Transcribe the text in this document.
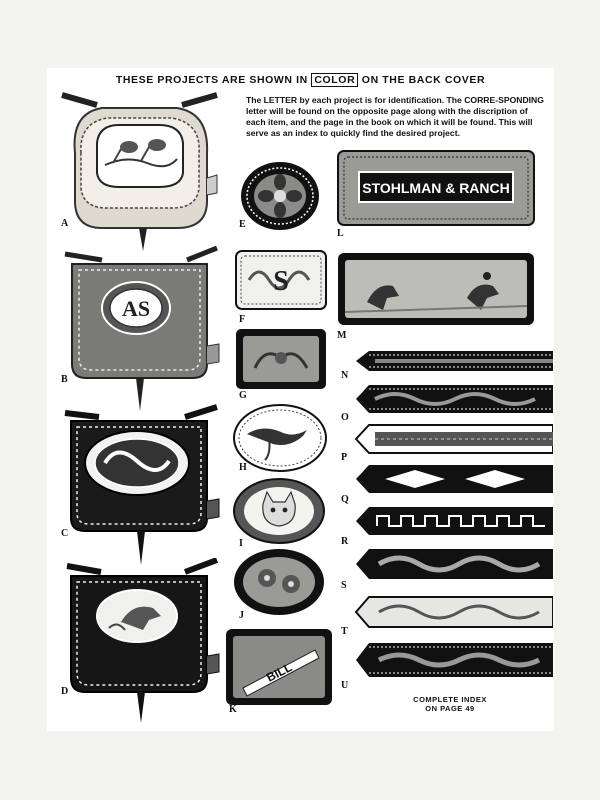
THESE PROJECTS ARE SHOWN IN COLOR ON THE BACK COVER
The LETTER by each project is for identification. The CORRE-SPONDING letter will be found on the opposite page along with the discription of each item, and the page in the book on which it will be found. This will serve as an index to quickly find the desired project.
A
AS
B
C
D
E
STOHLMAN & RANCH
L
S
F
M
G
H
I
J
BILL
K
N
O
P
Q
R
S
T
U
COMPLETE INDEX
ON PAGE 49
